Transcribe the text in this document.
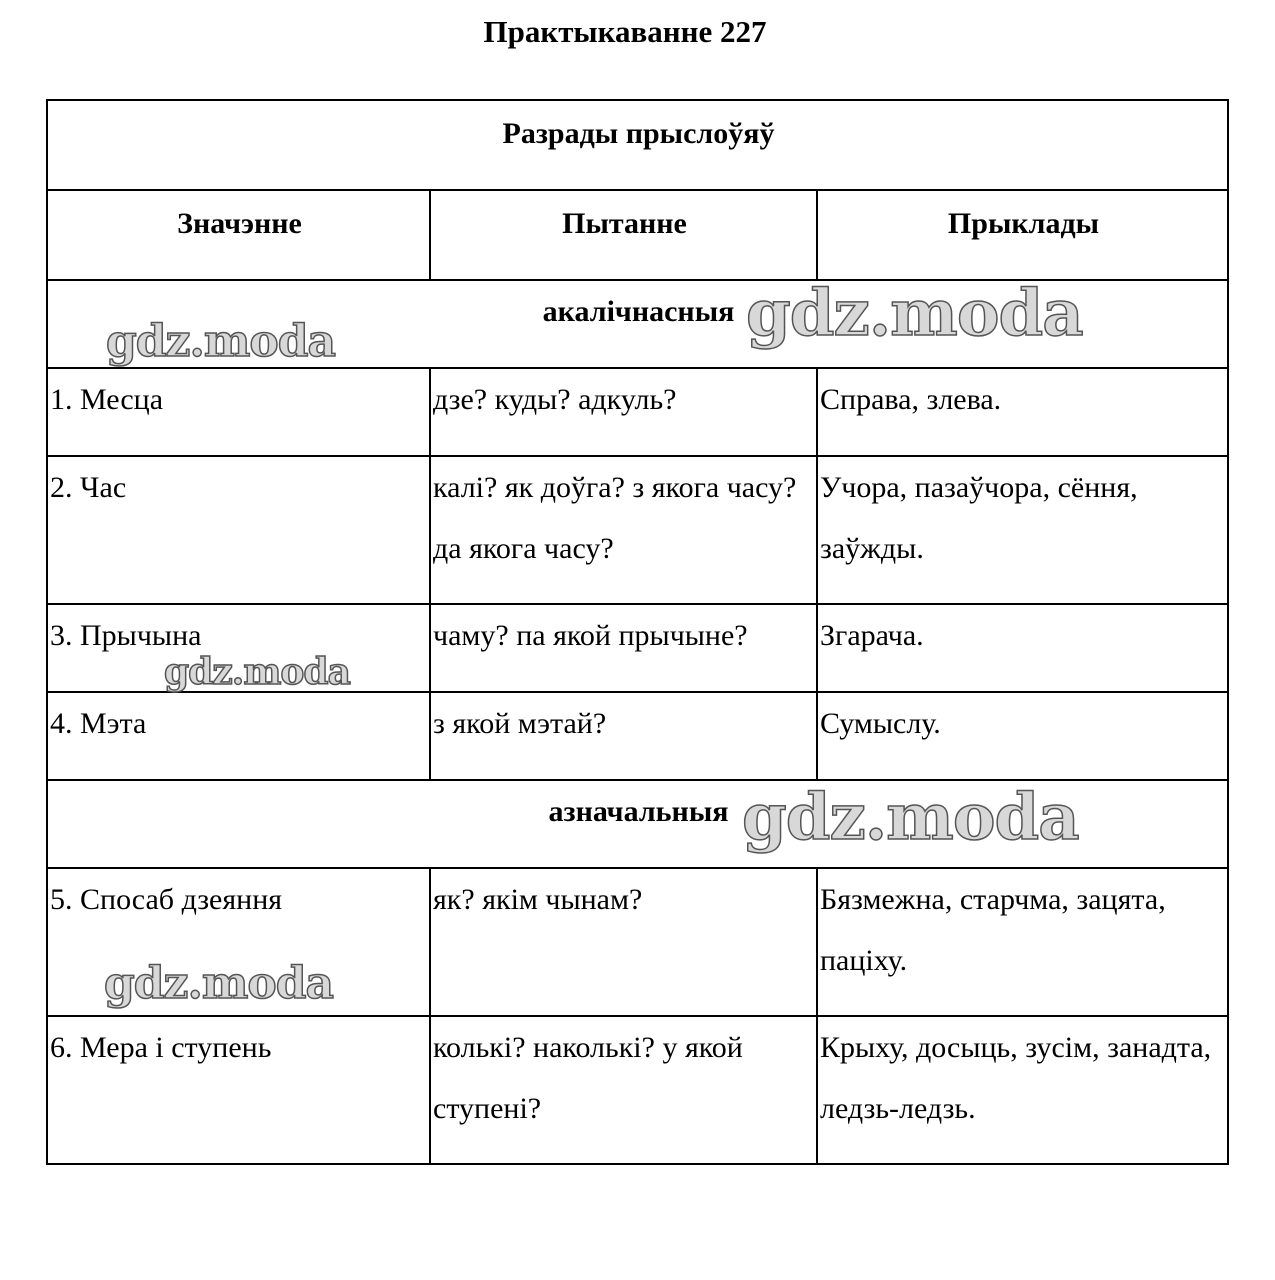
Практыкаванне 227
Разрады прыслоўяў		
Значэнне	Пытанне	Прыклады
акалічнасныя		
1. Месца	дзе? куды? адкуль?	Справа, злева.
2. Час	калі? як доўга? з якога часу? да якога часу?	Учора, пазаўчора, сёння, заўжды.
3. Прычына	чаму? па якой прычыне?	Згарача.
4. Мэта	з якой мэтай?	Сумыслу.
азначальныя		
5. Спосаб дзеяння	як? якім чынам?	Бязмежна, старчма, зацята, пацiху.
6. Мера і ступень	колькі? наколькі? у якой ступені?	Крыху, досыць, зусім, занадта, ледзь-ледзь.
gdz.moda	gdz.moda
gdz.moda
gdz.moda
gdz.moda
